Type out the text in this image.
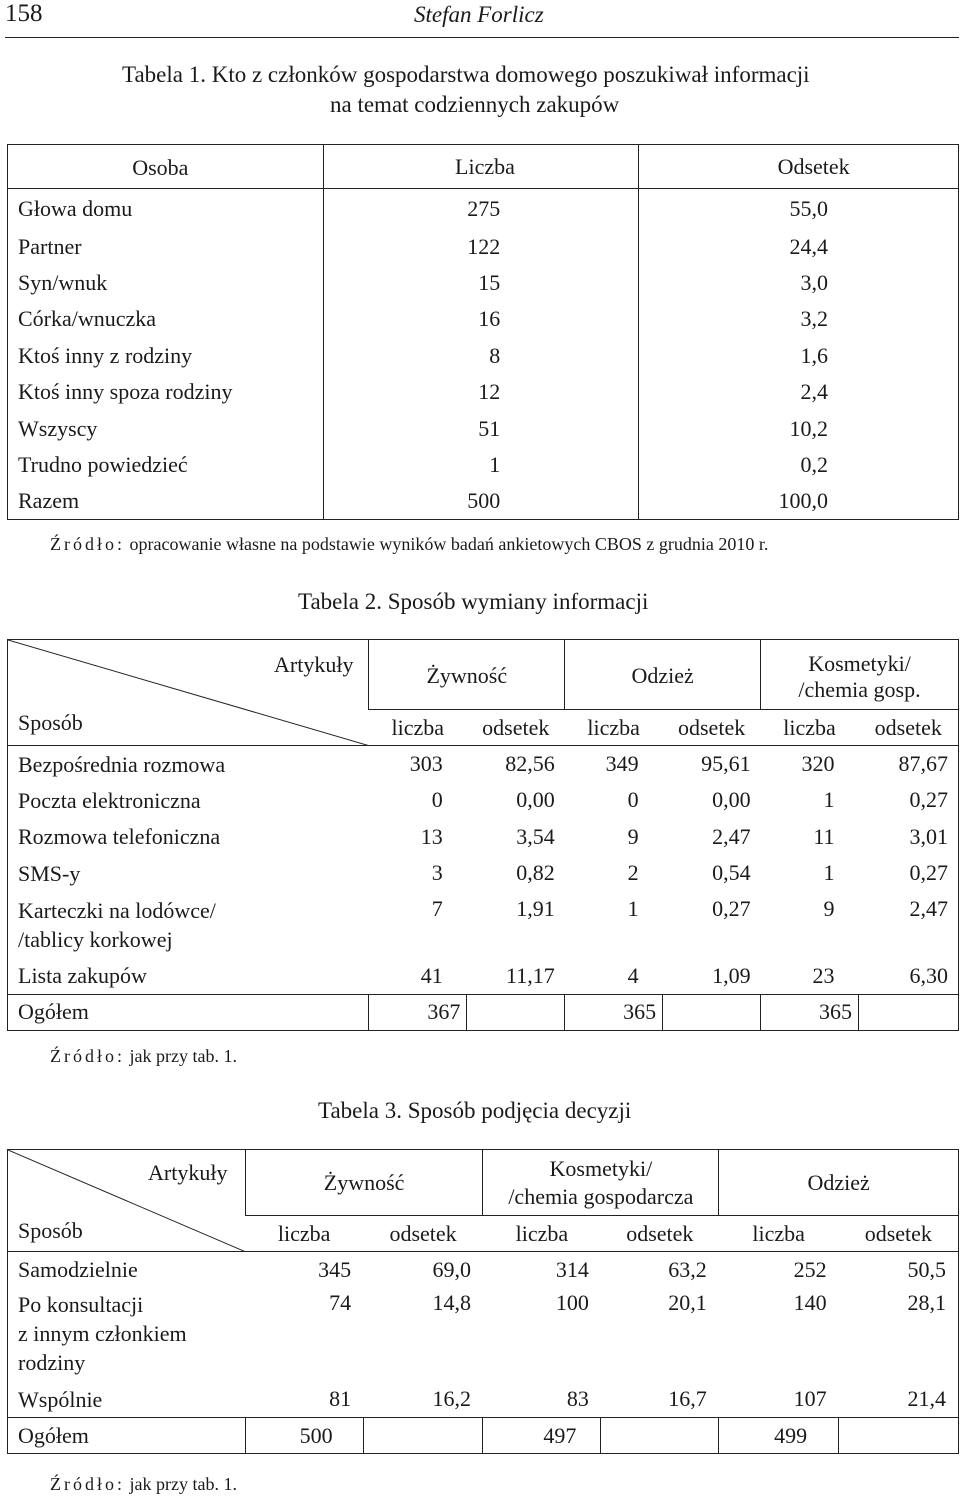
158	Stefan Forlicz
Tabela 1. Kto z członków gospodarstwa domowego poszukiwał informacji
na temat codziennych zakupów
Osoba	Liczba	Odsetek
Głowa domu	275	55,0
Partner	122	24,4
Syn/wnuk	15	3,0
Córka/wnuczka	16	3,2
Ktoś inny z rodziny	8	1,6
Ktoś inny spoza rodziny	12	2,4
Wszyscy	51	10,2
Trudno powiedzieć	1	0,2
Razem	500	100,0
Źródło: opracowanie własne na podstawie wyników badań ankietowych CBOS z grudnia 2010 r.
Tabela 2. Sposób wymiany informacji
Artykuły
Sposób	Żywność		Odzież		Kosmetyki/
/chemia gosp.	
	liczba	odsetek	liczba	odsetek	liczba	odsetek
Bezpośrednia rozmowa	303	82,56	349	95,61	320	87,67
Poczta elektroniczna	0	0,00	0	0,00	1	0,27
Rozmowa telefoniczna	13	3,54	9	2,47	11	3,01
SMS-y	3	0,82	2	0,54	1	0,27
Karteczki na lodówce/
/tablicy korkowej	7	1,91	1	0,27	9	2,47
Lista zakupów	41	11,17	4	1,09	23	6,30
Ogółem	367		365		365	
Źródło: jak przy tab. 1.
Tabela 3. Sposób podjęcia decyzji
Artykuły
Sposób	Żywność		Kosmetyki/
/chemia gospodarcza		Odzież	
	liczba	odsetek	liczba	odsetek	liczba	odsetek
Samodzielnie	345	69,0	314	63,2	252	50,5
Po konsultacji
z innym członkiem
rodziny	74	14,8	100	20,1	140	28,1
Wspólnie	81	16,2	83	16,7	107	21,4
Ogółem	500		497		499	
Źródło: jak przy tab. 1.
